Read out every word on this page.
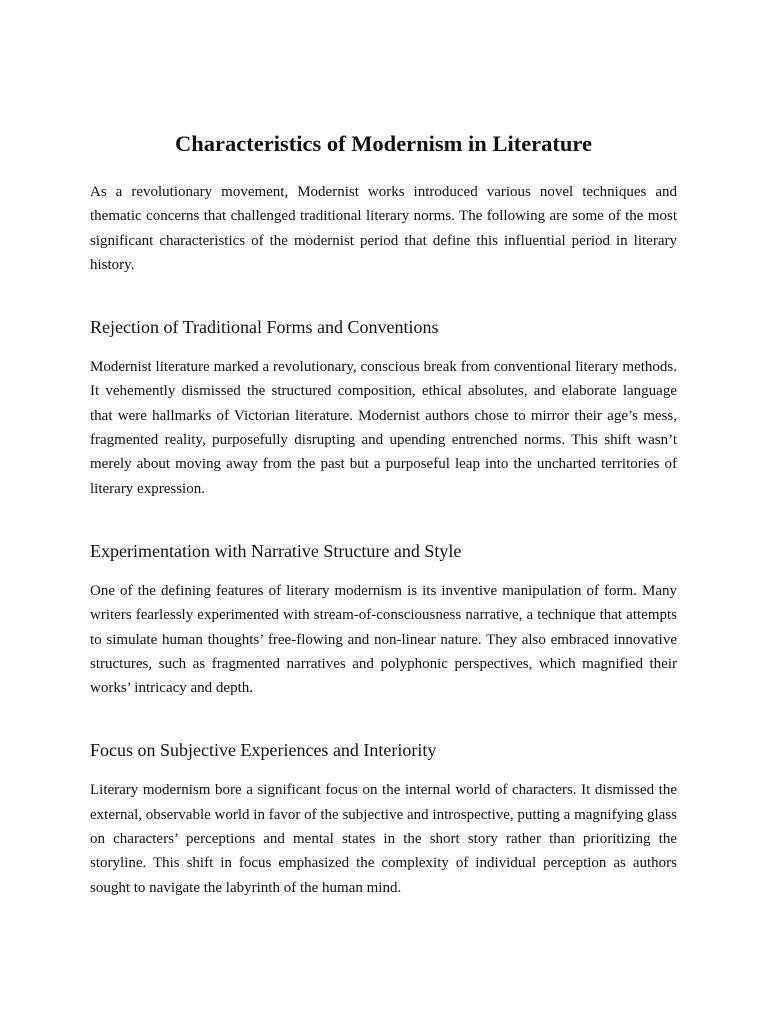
Characteristics of Modernism in Literature

As a revolutionary movement, Modernist works introduced various novel techniques and thematic concerns that challenged traditional literary norms. The following are some of the most significant characteristics of the modernist period that define this influential period in literary history.

Rejection of Traditional Forms and Conventions

Modernist literature marked a revolutionary, conscious break from conventional literary methods. It vehemently dismissed the structured composition, ethical absolutes, and elaborate language that were hallmarks of Victorian literature. Modernist authors chose to mirror their age’s mess, fragmented reality, purposefully disrupting and upending entrenched norms. This shift wasn’t merely about moving away from the past but a purposeful leap into the uncharted territories of literary expression.

Experimentation with Narrative Structure and Style

One of the defining features of literary modernism is its inventive manipulation of form. Many writers fearlessly experimented with stream-of-consciousness narrative, a technique that attempts to simulate human thoughts’ free-flowing and non-linear nature. They also embraced innovative structures, such as fragmented narratives and polyphonic perspectives, which magnified their works’ intricacy and depth.

Focus on Subjective Experiences and Interiority

Literary modernism bore a significant focus on the internal world of characters. It dismissed the external, observable world in favor of the subjective and introspective, putting a magnifying glass on characters’ perceptions and mental states in the short story rather than prioritizing the storyline. This shift in focus emphasized the complexity of individual perception as authors sought to navigate the labyrinth of the human mind.
